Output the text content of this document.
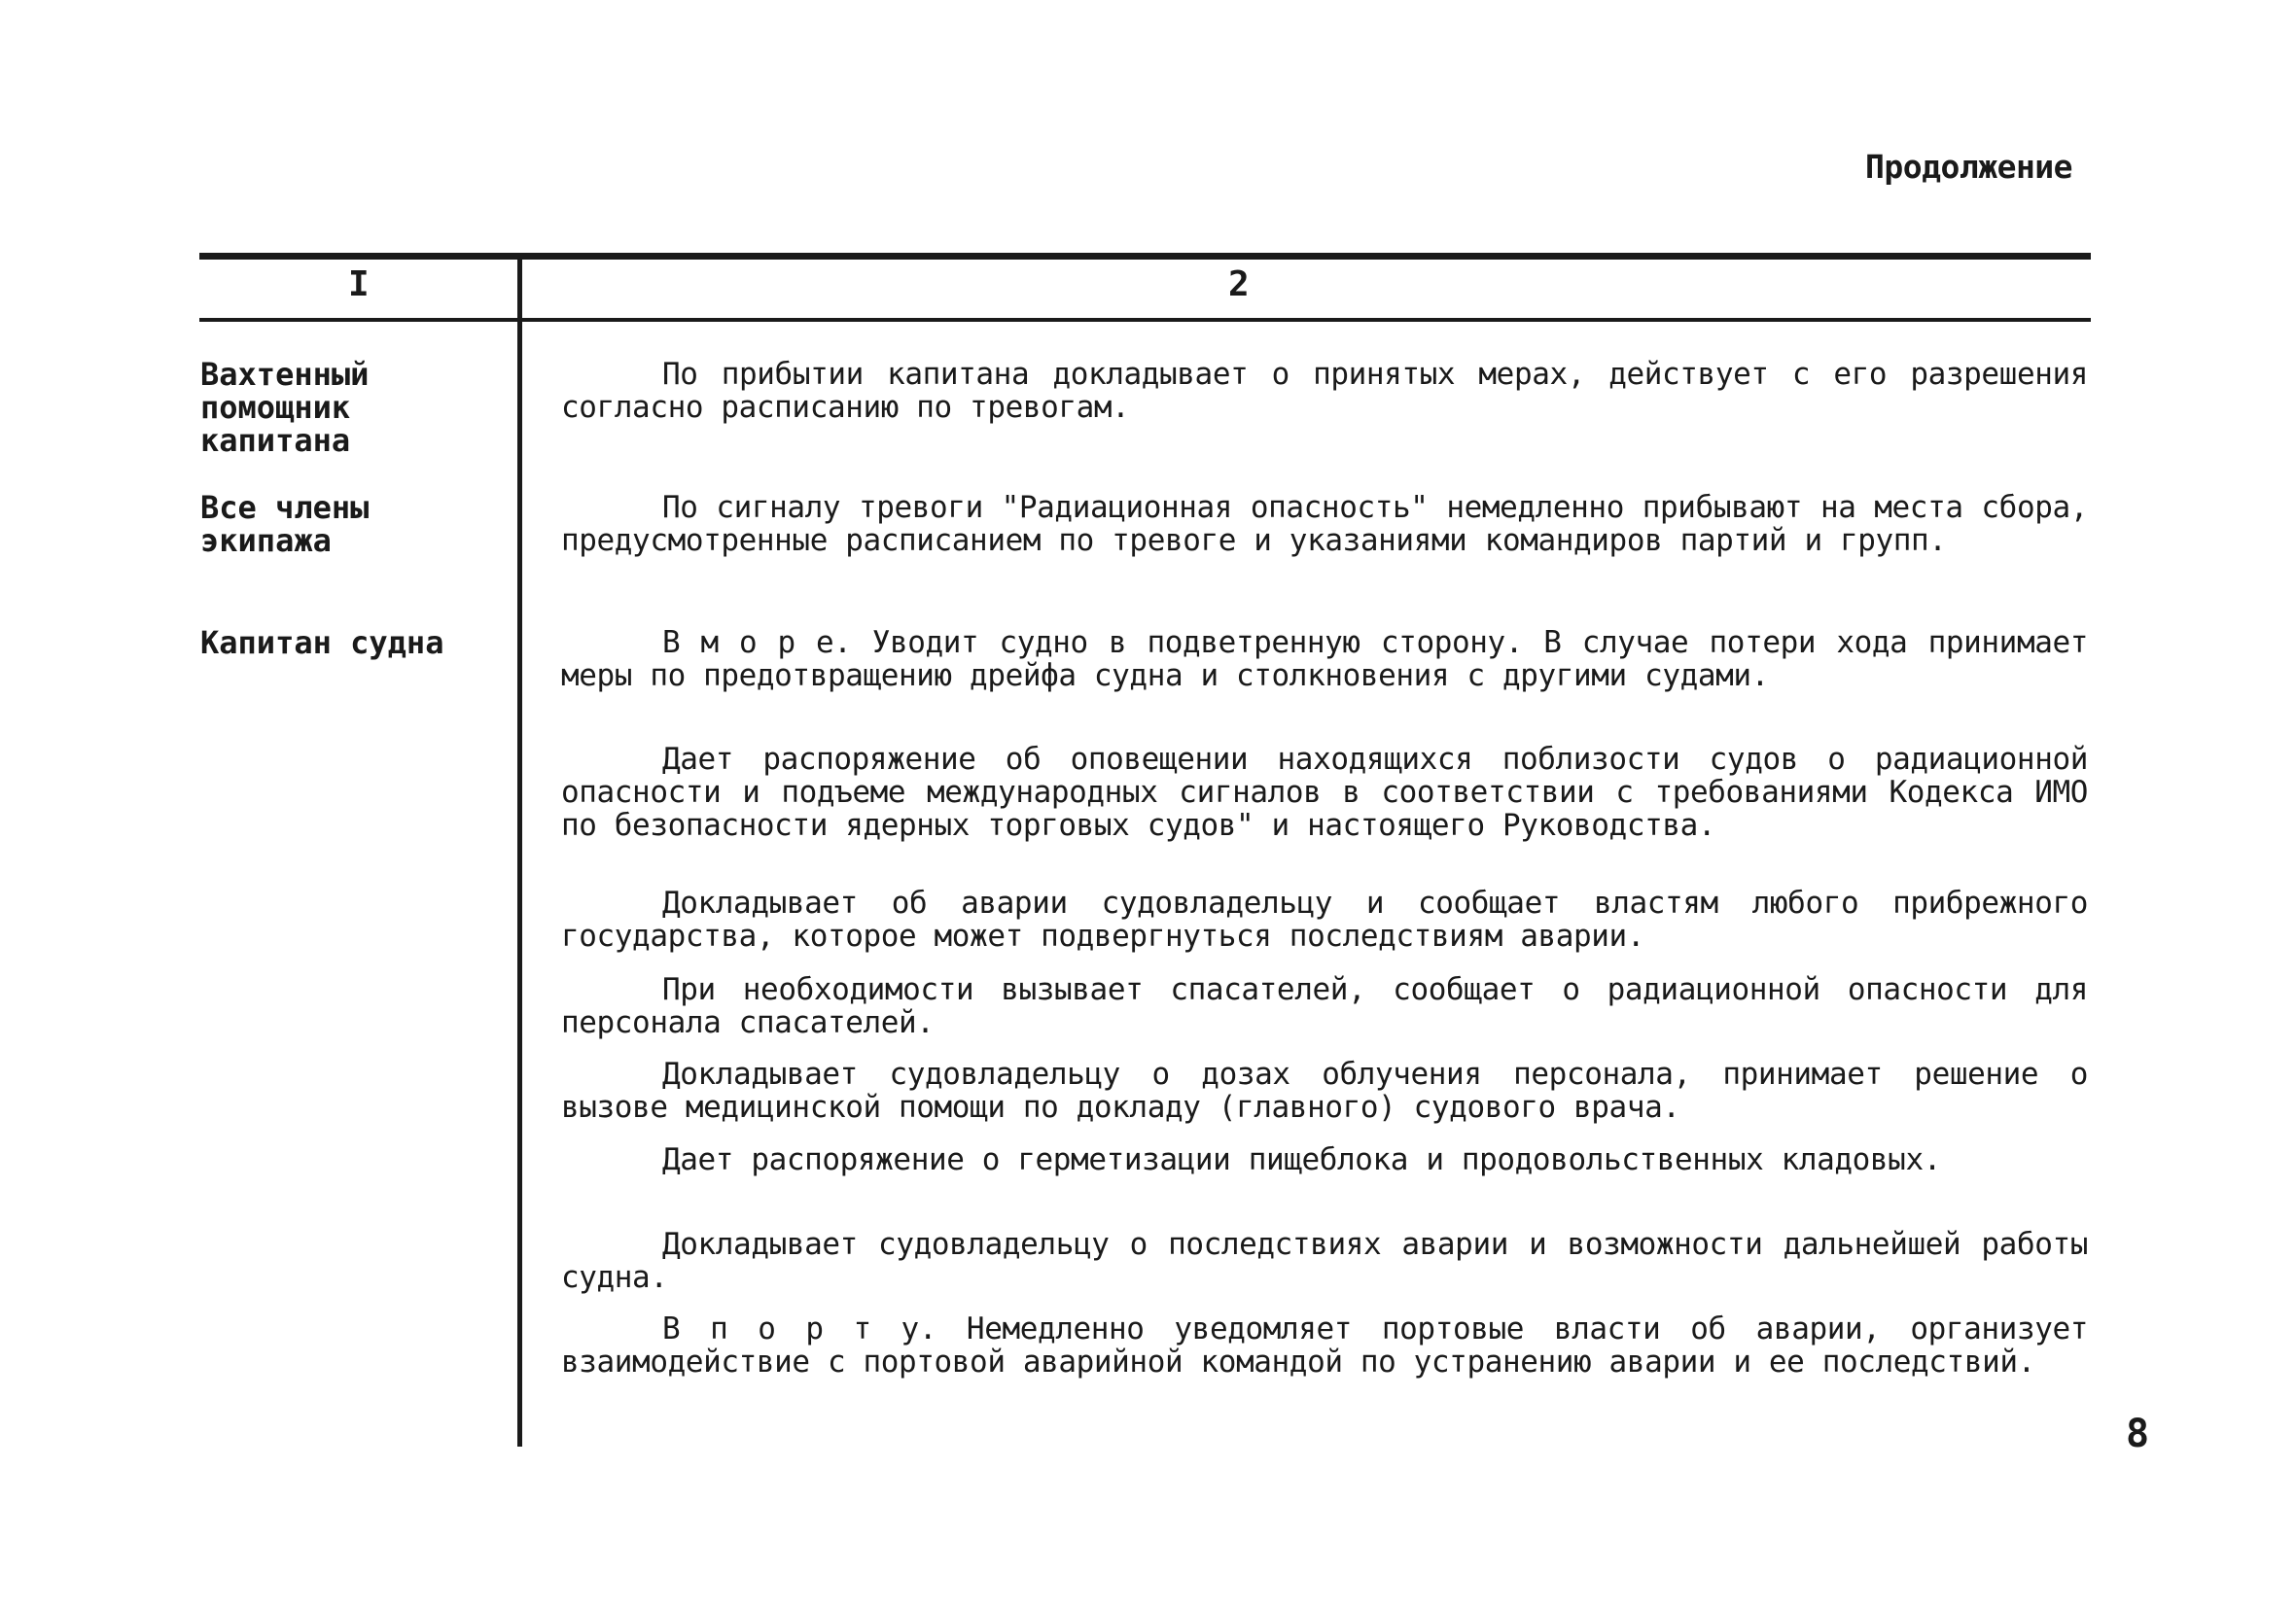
Продолжение
I	2
Вахтенный
помощник
капитана
По прибытии капитана докладывает о принятых мерах, действует с его разрешения согласно расписанию по тревогам.
Все члены
экипажа
По сигналу тревоги "Радиационная опасность" немедленно прибывают на места сбора, предусмотренные расписанием по тревоге и указаниями командиров партий и групп.
Капитан судна	В м о р е. Уводит судно в подветренную сторону. В случае потери хода принимает меры по предотвращению дрейфа судна и столкновения с другими судами.
Дает распоряжение об оповещении находящихся поблизости судов о радиационной опасности и подъеме международных сигналов в соответствии с требованиями Кодекса ИМО по безопасности ядерных торговых судов" и настоящего Руководства.
Докладывает об аварии судовладельцу и сообщает властям любого прибрежного государства, которое может подвергнуться последствиям аварии.
При необходимости вызывает спасателей, сообщает о радиационной опасности для персонала спасателей.
Докладывает судовладельцу о дозах облучения персонала, принимает решение о вызове медицинской помощи по докладу (главного) судового врача.
Дает распоряжение о герметизации пищеблока и продовольственных кладовых.
Докладывает судовладельцу о последствиях аварии и возможности дальнейшей работы судна.
В п о р т у. Немедленно уведомляет портовые власти об аварии, организует взаимодействие с портовой аварийной командой по устранению аварии и ее последствий.
8
